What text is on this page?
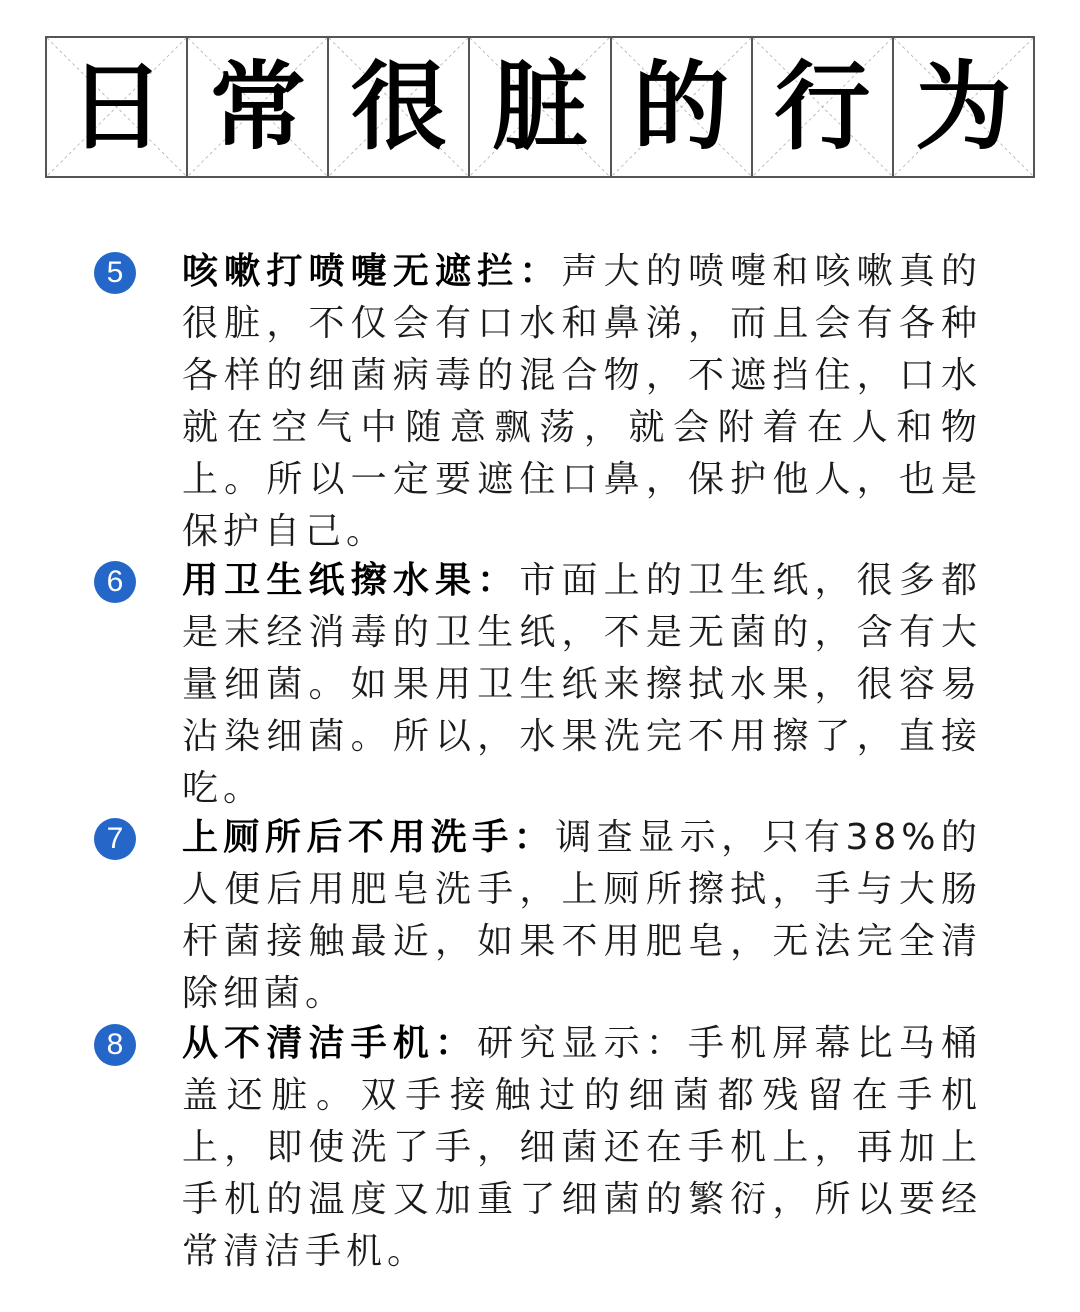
日 常 很 脏 的 行 为
5	咳嗽打喷嚏无遮拦：声大的喷嚏和咳嗽真的很脏，不仅会有口水和鼻涕，而且会有各种各样的细菌病毒的混合物，不遮挡住，口水就在空气中随意飘荡，就会附着在人和物上。所以一定要遮住口鼻，保护他人，也是保护自己。
6	用卫生纸擦水果：市面上的卫生纸，很多都是末经消毒的卫生纸，不是无菌的，含有大量细菌。如果用卫生纸来擦拭水果，很容易沾染细菌。所以，水果洗完不用擦了，直接吃。
7	上厕所后不用洗手：调查显示，只有38%的人便后用肥皂洗手，上厕所擦拭，手与大肠杆菌接触最近，如果不用肥皂，无法完全清除细菌。
8	从不清洁手机：研究显示：手机屏幕比马桶盖还脏。双手接触过的细菌都残留在手机上，即使洗了手，细菌还在手机上，再加上手机的温度又加重了细菌的繁衍，所以要经常清洁手机。
